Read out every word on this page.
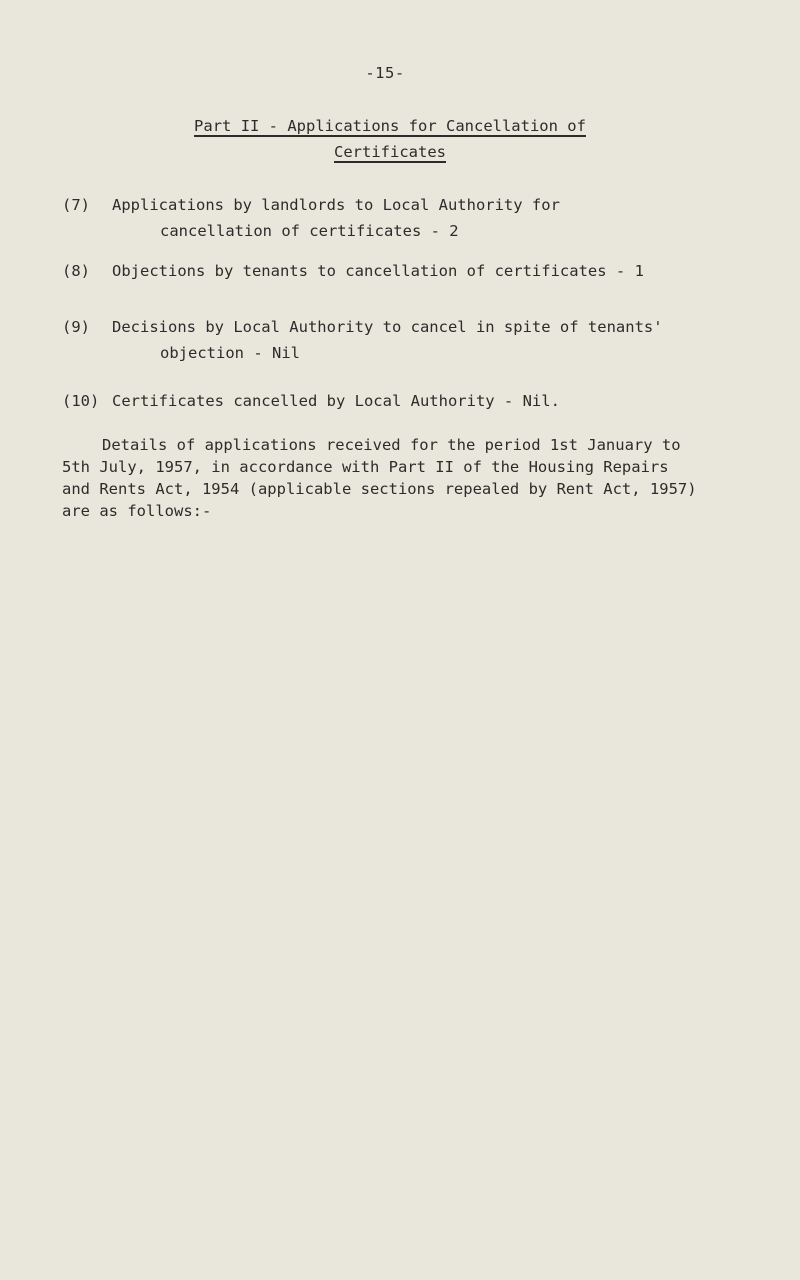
-15-
Part II - Applications for Cancellation of
Certificates
(7) Applications by landlords to Local Authority for
cancellation of certificates - 2
(8) Objections by tenants to cancellation of certificates - 1
(9) Decisions by Local Authority to cancel in spite of tenants'
objection - Nil
(10) Certificates cancelled by Local Authority - Nil.
Details of applications received for the period 1st January to
5th July, 1957, in accordance with Part II of the Housing Repairs
and Rents Act, 1954 (applicable sections repealed by Rent Act, 1957)
are as follows:-
